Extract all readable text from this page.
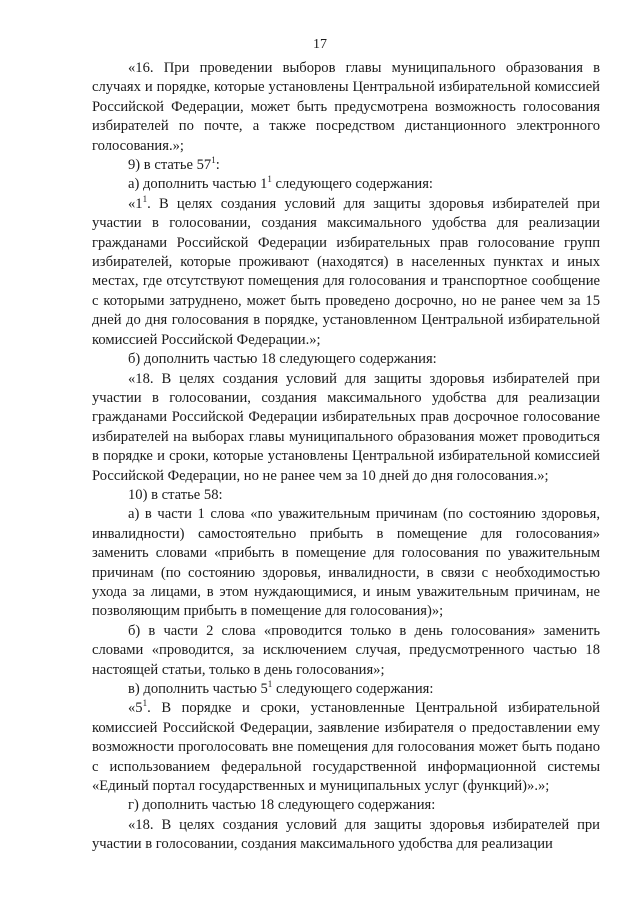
17

«16. При проведении выборов главы муниципального образования в случаях и порядке, которые установлены Центральной избирательной комиссией Российской Федерации, может быть предусмотрена возможность голосования избирателей по почте, а также посредством дистанционного электронного голосования.»;

9) в статье $57^1$:

а) дополнить частью $1^1$ следующего содержания:

«$1^1$. В целях создания условий для защиты здоровья избирателей при участии в голосовании, создания максимального удобства для реализации гражданами Российской Федерации избирательных прав голосование групп избирателей, которые проживают (находятся) в населенных пунктах и иных местах, где отсутствуют помещения для голосования и транспортное сообщение с которыми затруднено, может быть проведено досрочно, но не ранее чем за 15 дней до дня голосования в порядке, установленном Центральной избирательной комиссией Российской Федерации.»;

б) дополнить частью 18 следующего содержания:

«18. В целях создания условий для защиты здоровья избирателей при участии в голосовании, создания максимального удобства для реализации гражданами Российской Федерации избирательных прав досрочное голосование избирателей на выборах главы муниципального образования может проводиться в порядке и сроки, которые установлены Центральной избирательной комиссией Российской Федерации, но не ранее чем за 10 дней до дня голосования.»;

10) в статье 58:

а) в части 1 слова «по уважительным причинам (по состоянию здоровья, инвалидности) самостоятельно прибыть в помещение для голосования» заменить словами «прибыть в помещение для голосования по уважительным причинам (по состоянию здоровья, инвалидности, в связи с необходимостью ухода за лицами, в этом нуждающимися, и иным уважительным причинам, не позволяющим прибыть в помещение для голосования)»;

б) в части 2 слова «проводится только в день голосования» заменить словами «проводится, за исключением случая, предусмотренного частью 18 настоящей статьи, только в день голосования»;

в) дополнить частью $5^1$ следующего содержания:

«$5^1$. В порядке и сроки, установленные Центральной избирательной комиссией Российской Федерации, заявление избирателя о предоставлении ему возможности проголосовать вне помещения для голосования может быть подано с использованием федеральной государственной информационной системы «Единый портал государственных и муниципальных услуг (функций)».»;

г) дополнить частью 18 следующего содержания:

«18. В целях создания условий для защиты здоровья избирателей при участии в голосовании, создания максимального удобства для реализации
